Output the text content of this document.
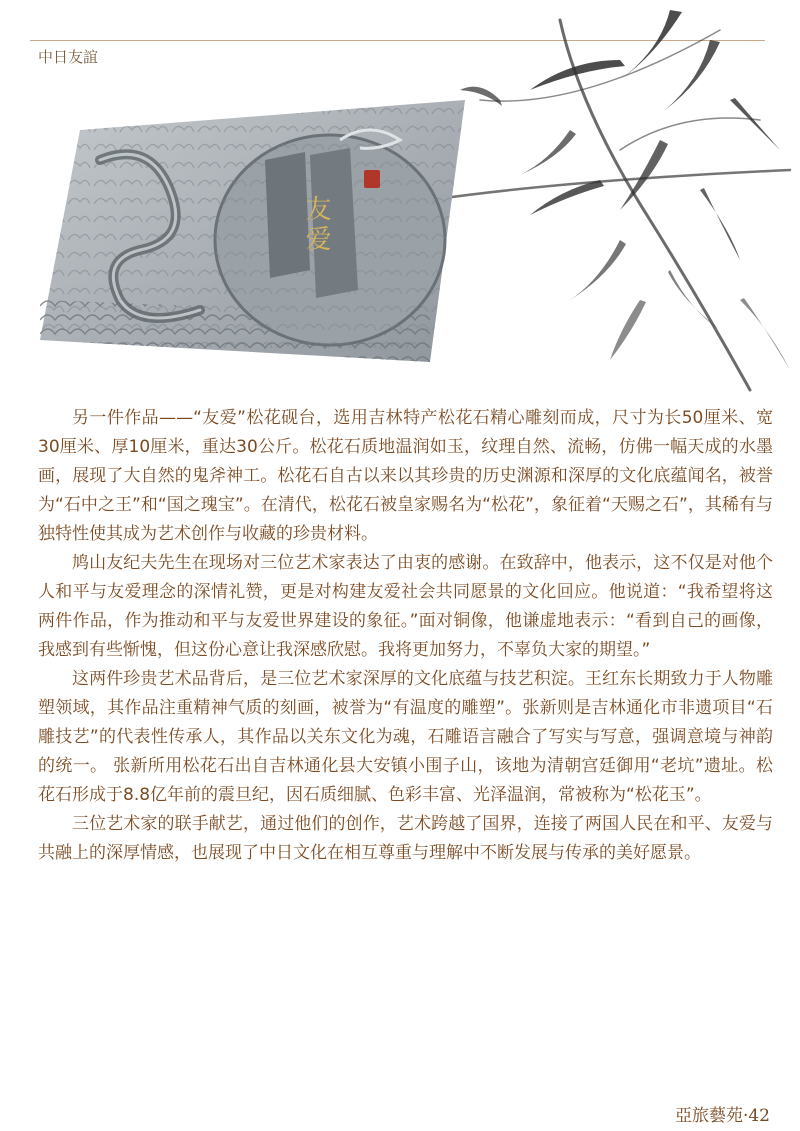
中日友誼
友爱

另一件作品——“友爱”松花砚台，选用吉林特产松花石精心雕刻而成，尺寸为长50厘米、宽30厘米、厚10厘米，重达30公斤。松花石质地温润如玉，纹理自然、流畅，仿佛一幅天成的水墨画，展现了大自然的鬼斧神工。松花石自古以来以其珍贵的历史渊源和深厚的文化底蕴闻名，被誉为“石中之王”和“国之瑰宝”。在清代，松花石被皇家赐名为“松花”，象征着“天赐之石”，其稀有与独特性使其成为艺术创作与收藏的珍贵材料。

鸠山友纪夫先生在现场对三位艺术家表达了由衷的感谢。在致辞中，他表示，这不仅是对他个人和平与友爱理念的深情礼赞，更是对构建友爱社会共同愿景的文化回应。他说道：“我希望将这两件作品，作为推动和平与友爱世界建设的象征。”面对铜像，他谦虚地表示：“看到自己的画像，我感到有些惭愧，但这份心意让我深感欣慰。我将更加努力，不辜负大家的期望。”

这两件珍贵艺术品背后，是三位艺术家深厚的文化底蕴与技艺积淀。王红东长期致力于人物雕塑领域，其作品注重精神气质的刻画，被誉为“有温度的雕塑”。张新则是吉林通化市非遗项目“石雕技艺”的代表性传承人，其作品以关东文化为魂，石雕语言融合了写实与写意，强调意境与神韵的统一。 张新所用松花石出自吉林通化县大安镇小围子山，该地为清朝宫廷御用“老坑”遗址。松花石形成于8.8亿年前的震旦纪，因石质细腻、色彩丰富、光泽温润，常被称为“松花玉”。

三位艺术家的联手献艺，通过他们的创作，艺术跨越了国界，连接了两国人民在和平、友爱与共融上的深厚情感，也展现了中日文化在相互尊重与理解中不断发展与传承的美好愿景。

亞旅藝苑·42
